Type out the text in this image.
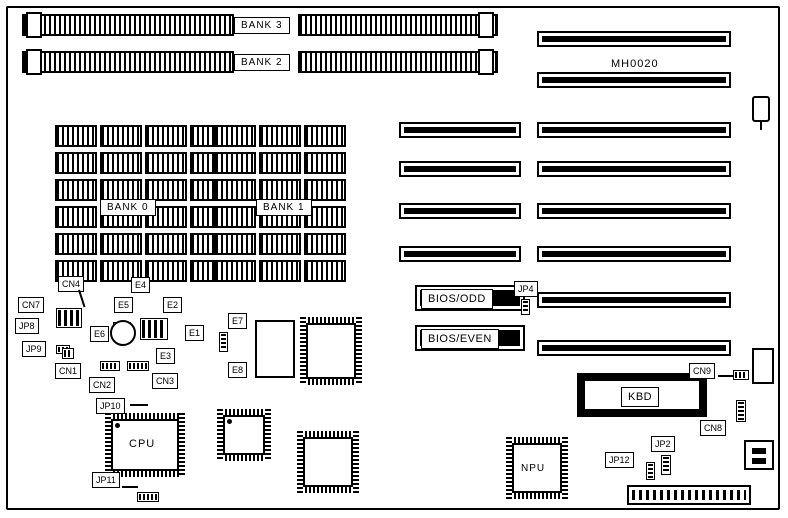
BANK 3
BANK 2	MH0020
BANK 0	BANK 1
BIOS/ODD
BIOS/EVEN
JP4
KBD
CN9
CN8
CPU
NPU
CN4
CN7
JP8
JP9
E4
E5	E2
E6	E1
E3
E7
E8
CN1
CN2	CN3
JP10
JP11
JP12
JP2
